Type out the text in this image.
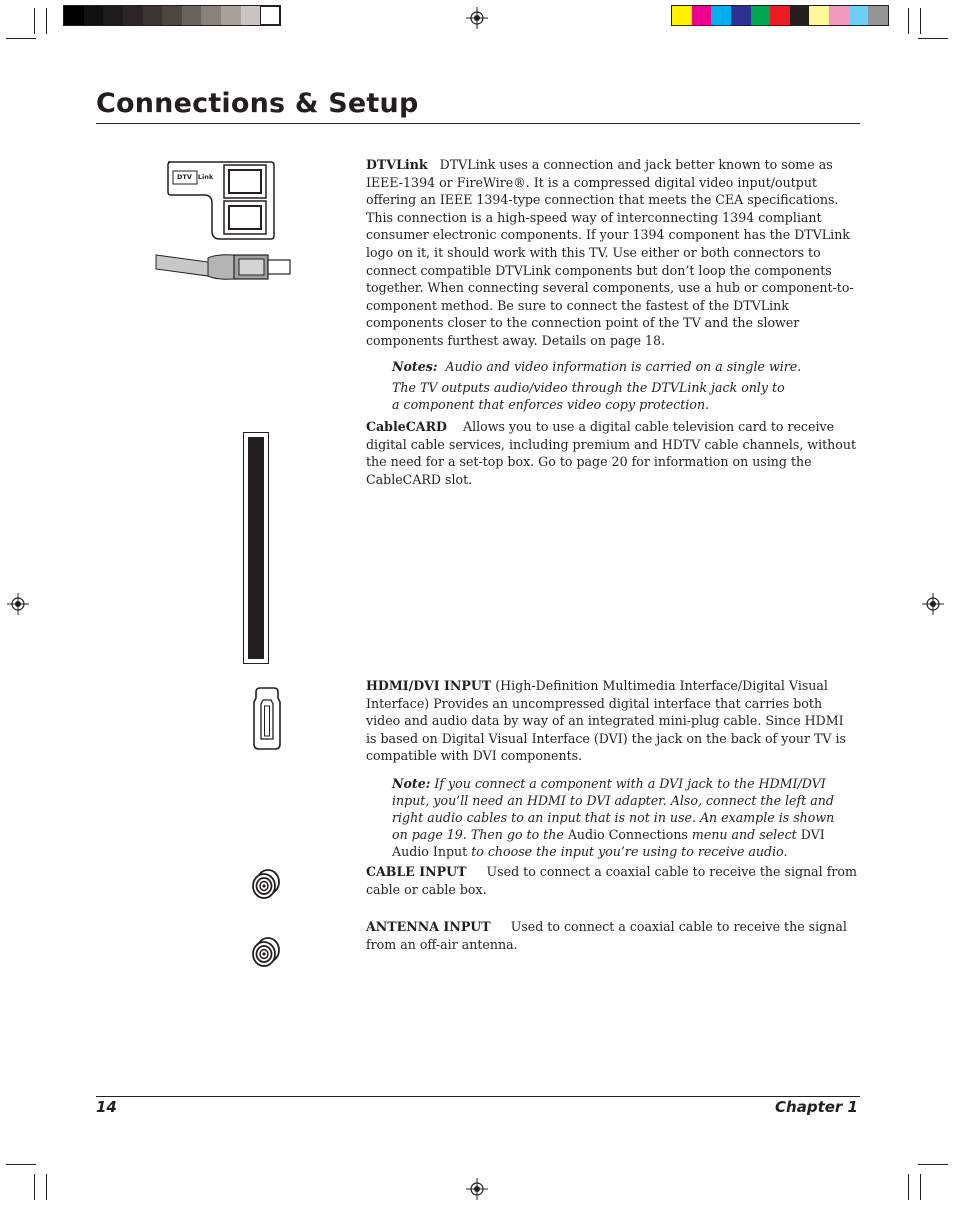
Connections & Setup
DTV Link
DTVLink DTVLink uses a connection and jack better known to some as IEEE-1394 or FireWire®. It is a compressed digital video input/output offering an IEEE 1394-type connection that meets the CEA specifications. This connection is a high-speed way of interconnecting 1394 compliant consumer electronic components. If your 1394 component has the DTVLink logo on it, it should work with this TV. Use either or both connectors to connect compatible DTVLink components but don’t loop the components together. When connecting several components, use a hub or component-to-component method. Be sure to connect the fastest of the DTVLink components closer to the connection point of the TV and the slower components furthest away. Details on page 18.
Notes: Audio and video information is carried on a single wire.
The TV outputs audio/video through the DTVLink jack only to a component that enforces video copy protection.
CableCARD Allows you to use a digital cable television card to receive digital cable services, including premium and HDTV cable channels, without the need for a set-top box. Go to page 20 for information on using the CableCARD slot.
HDMI/DVI INPUT (High-Definition Multimedia Interface/Digital Visual Interface) Provides an uncompressed digital interface that carries both video and audio data by way of an integrated mini-plug cable. Since HDMI is based on Digital Visual Interface (DVI) the jack on the back of your TV is compatible with DVI components.
Note: If you connect a component with a DVI jack to the HDMI/DVI input, you’ll need an HDMI to DVI adapter. Also, connect the left and right audio cables to an input that is not in use. An example is shown on page 19. Then go to the Audio Connections menu and select DVI Audio Input to choose the input you’re using to receive audio.
CABLE INPUT Used to connect a coaxial cable to receive the signal from cable or cable box.
ANTENNA INPUT Used to connect a coaxial cable to receive the signal from an off-air antenna.
14	Chapter 1
